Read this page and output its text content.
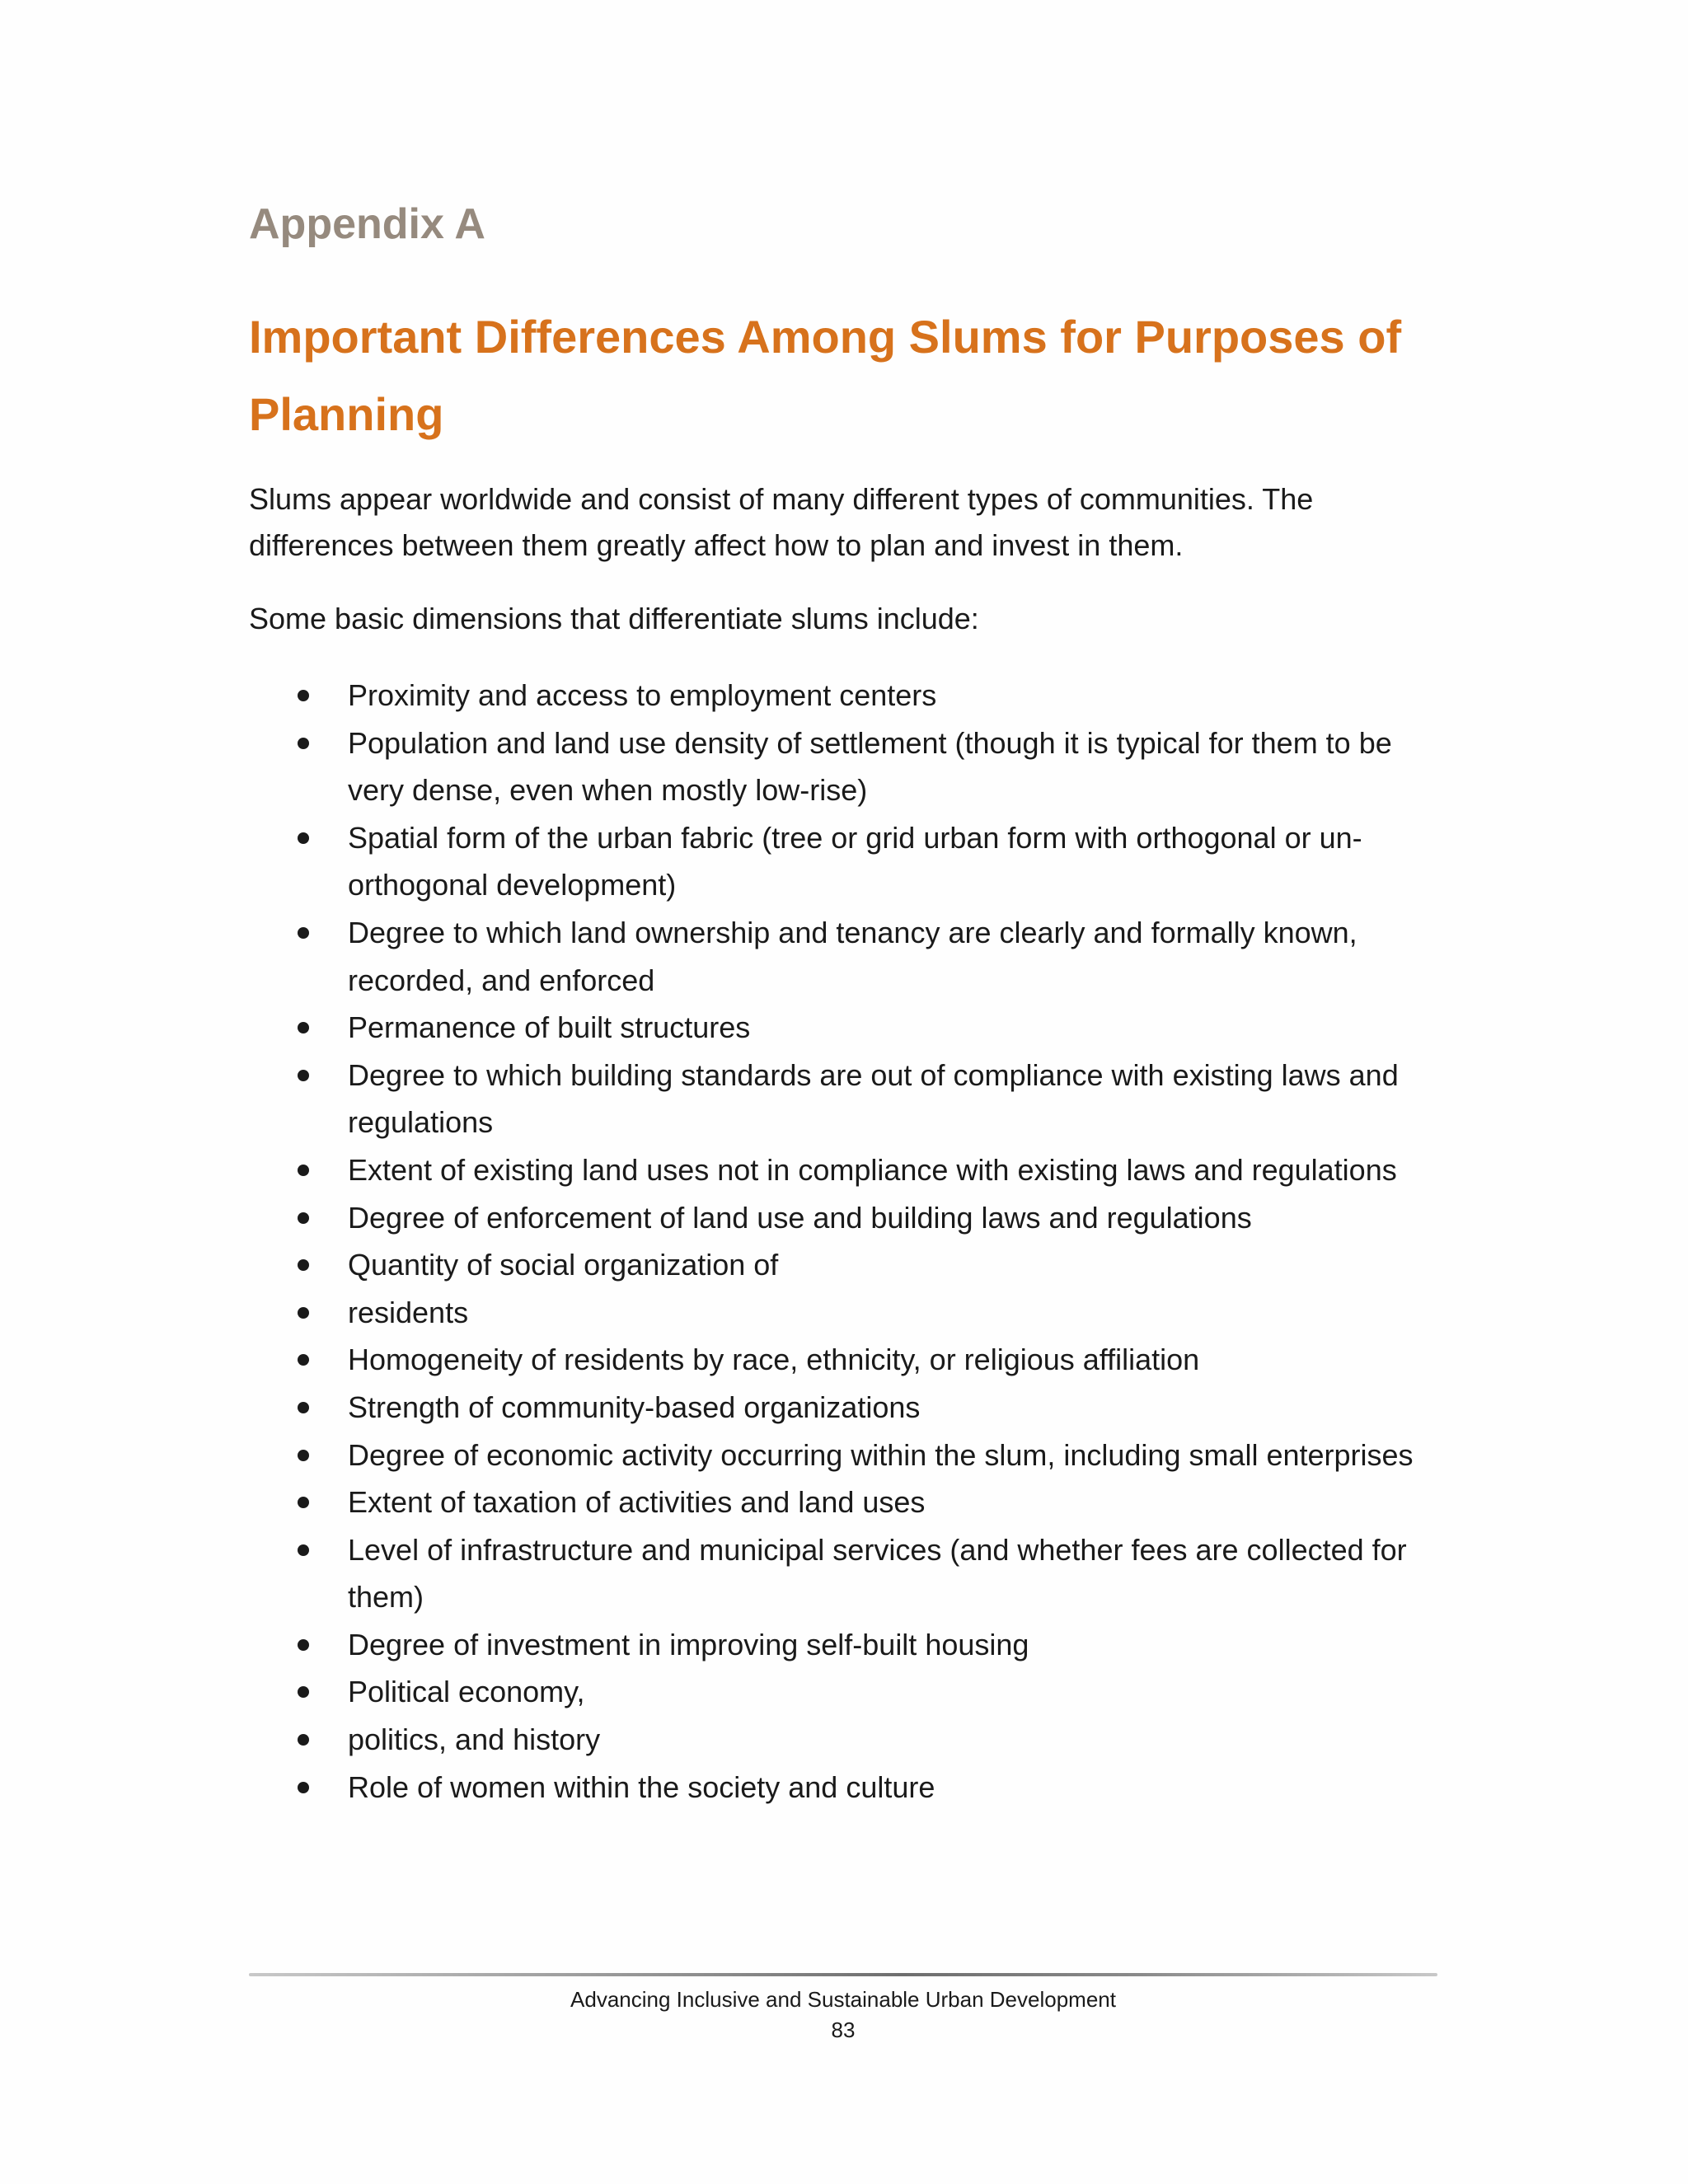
Appendix A
Important Differences Among Slums for Purposes of Planning

Slums appear worldwide and consist of many different types of communities. The differences between them greatly affect how to plan and invest in them.

Some basic dimensions that differentiate slums include:

Proximity and access to employment centers
Population and land use density of settlement (though it is typical for them to be very dense, even when mostly low-rise)
Spatial form of the urban fabric (tree or grid urban form with orthogonal or un-orthogonal development)
Degree to which land ownership and tenancy are clearly and formally known, recorded, and enforced
Permanence of built structures
Degree to which building standards are out of compliance with existing laws and regulations
Extent of existing land uses not in compliance with existing laws and regulations
Degree of enforcement of land use and building laws and regulations
Quantity of social organization of
residents
Homogeneity of residents by race, ethnicity, or religious affiliation
Strength of community-based organizations
Degree of economic activity occurring within the slum, including small enterprises
Extent of taxation of activities and land uses
Level of infrastructure and municipal services (and whether fees are collected for them)
Degree of investment in improving self-built housing
Political economy,
politics, and history
Role of women within the society and culture

Advancing Inclusive and Sustainable Urban Development

83
